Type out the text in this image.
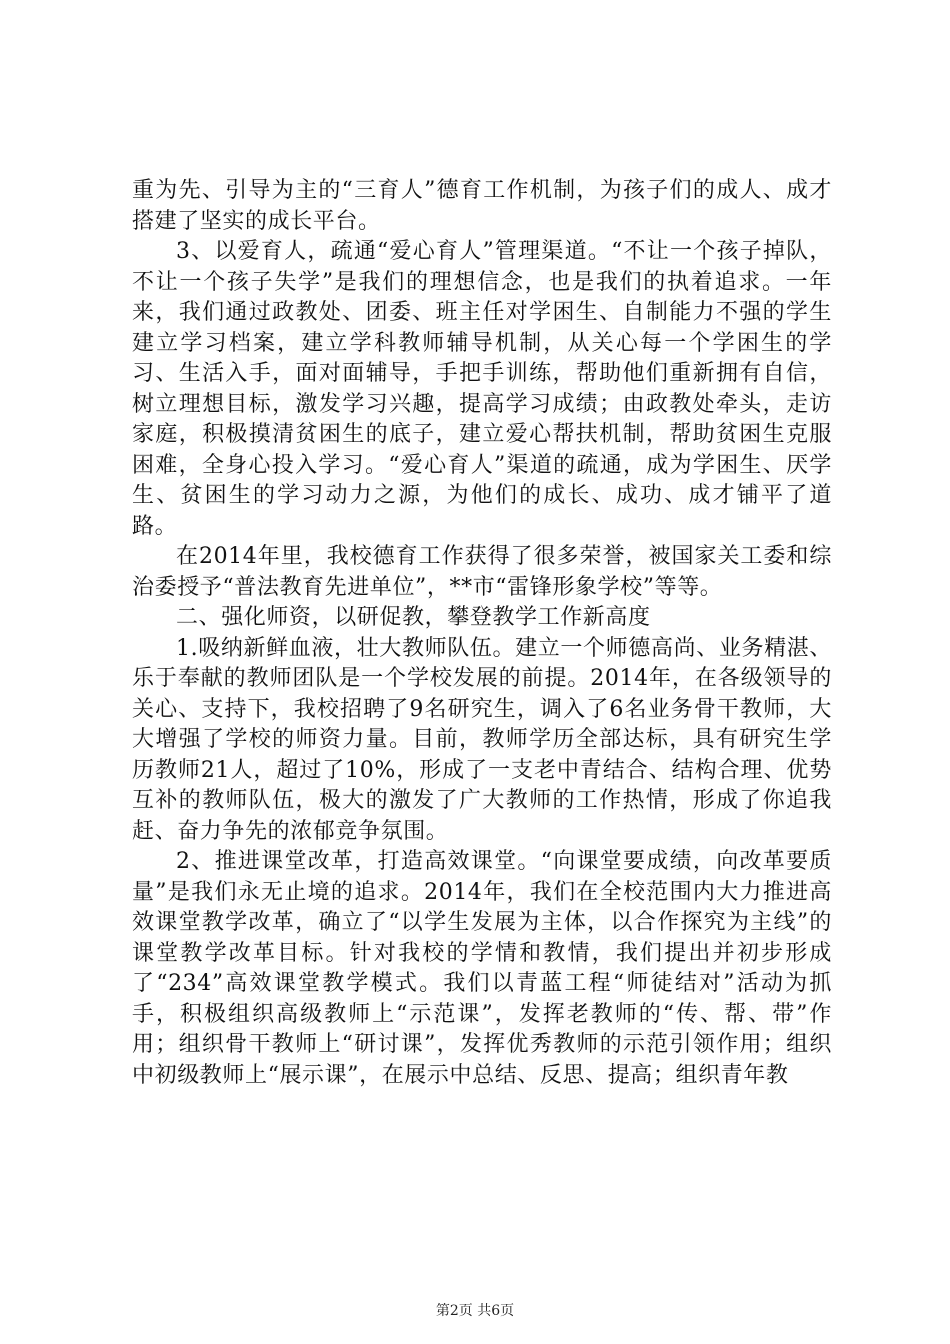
重为先、引导为主的“三育人”德育工作机制，为孩子们的成人、成才搭建了坚实的成长平台。

3、以爱育人，疏通“爱心育人”管理渠道。“不让一个孩子掉队，不让一个孩子失学”是我们的理想信念，也是我们的执着追求。一年来，我们通过政教处、团委、班主任对学困生、自制能力不强的学生建立学习档案，建立学科教师辅导机制，从关心每一个学困生的学习、生活入手，面对面辅导，手把手训练，帮助他们重新拥有自信，树立理想目标，激发学习兴趣，提高学习成绩；由政教处牵头，走访家庭，积极摸清贫困生的底子，建立爱心帮扶机制，帮助贫困生克服困难，全身心投入学习。“爱心育人”渠道的疏通，成为学困生、厌学生、贫困生的学习动力之源，为他们的成长、成功、成才铺平了道路。

在2014年里，我校德育工作获得了很多荣誉，被国家关工委和综治委授予“普法教育先进单位”，**市“雷锋形象学校”等等。

二、强化师资，以研促教，攀登教学工作新高度

1.吸纳新鲜血液，壮大教师队伍。建立一个师德高尚、业务精湛、乐于奉献的教师团队是一个学校发展的前提。2014年，在各级领导的关心、支持下，我校招聘了9名研究生，调入了6名业务骨干教师，大大增强了学校的师资力量。目前，教师学历全部达标，具有研究生学历教师21人，超过了10%，形成了一支老中青结合、结构合理、优势互补的教师队伍，极大的激发了广大教师的工作热情，形成了你追我赶、奋力争先的浓郁竞争氛围。

2、推进课堂改革，打造高效课堂。“向课堂要成绩，向改革要质量”是我们永无止境的追求。2014年，我们在全校范围内大力推进高效课堂教学改革，确立了“以学生发展为主体，以合作探究为主线”的课堂教学改革目标。针对我校的学情和教情，我们提出并初步形成了“234”高效课堂教学模式。我们以青蓝工程“师徒结对”活动为抓手，积极组织高级教师上“示范课”，发挥老教师的“传、帮、带”作用；组织骨干教师上“研讨课”，发挥优秀教师的示范引领作用；组织中初级教师上“展示课”，在展示中总结、反思、提高；组织青年教

第2页 共6页
